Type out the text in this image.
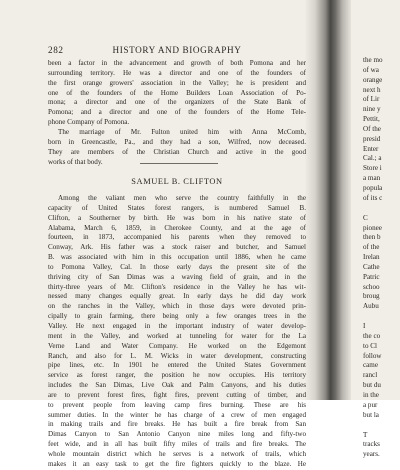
282	HISTORY AND BIOGRAPHY
been a factor in the advancement and growth of both Pomona and her
surrounding territory. He was a director and one of the founders of
the first orange growers' association in the Valley; he is president and
one of the founders of the Home Builders Loan Association of Po-
mona; a director and one of the organizers of the State Bank of
Pomona; and a director and one of the founders of the Home Tele-
phone Company of Pomona.
The marriage of Mr. Fulton united him with Anna McComb,
born in Greencastle, Pa., and they had a son, Wilfred, now deceased.
They are members of the Christian Church and active in the good
works of that body.
SAMUEL B. CLIFTON
Among the valiant men who serve the country faithfully in the
capacity of United States forest rangers, is numbered Samuel B.
Clifton, a Southerner by birth. He was born in his native state of
Alabama, March 6, 1859, in Cherokee County, and at the age of
fourteen, in 1873, accompanied his parents when they removed to
Conway, Ark. His father was a stock raiser and butcher, and Samuel
B. was associated with him in this occupation until 1886, when he came
to Pomona Valley, Cal. In those early days the present site of the
thriving city of San Dimas was a waving field of grain, and in the
thirty-three years of Mr. Clifton's residence in the Valley he has wit-
nessed many changes equally great. In early days he did day work
on the ranches in the Valley, which in those days were devoted prin-
cipally to grain farming, there being only a few oranges trees in the
Valley. He next engaged in the important industry of water develop-
ment in the Valley, and worked at tunneling for water for the La
Verne Land and Water Company. He worked on the Edgemont
Ranch, and also for L. M. Wicks in water development, constructing
pipe lines, etc. In 1901 he entered the United States Government
service as forest ranger, the position he now occupies. His territory
includes the San Dimas, Live Oak and Palm Canyons, and his duties
are to prevent forest fires, fight fires, prevent cutting of timber, and
to prevent people from leaving camp fires burning. These are his
summer duties. In the winter he has charge of a crew of men engaged
in making trails and fire breaks. He has built a fire break from San
Dimas Canyon to San Antonio Canyon nine miles long and fifty-two
feet wide, and in all has built fifty miles of trails and fire breaks. The
whole mountain district which he serves is a network of trails, which
makes it an easy task to get the fire fighters quickly to the blaze. He
the mo
of wa
orange
next h
of Lir
nine y
Pettit,
Of the
presid
Enter
Cal.; a
Store i
a man
popula
of its c
C
pionee
then b
of the
Irelan
Cathe
Patric
schoo
broug
Aubu
I
the co
to Cl
follow
came
rancl
but du
in the
a pur
but la
T
tracks
years.
